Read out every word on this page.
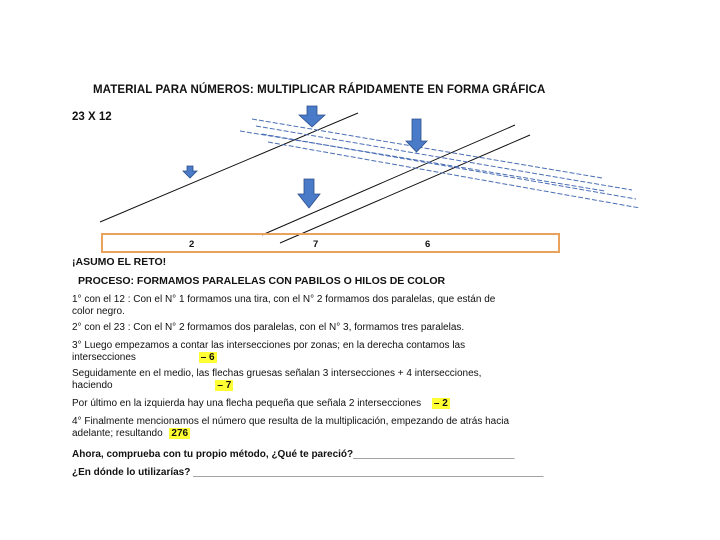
MATERIAL PARA NÚMEROS: MULTIPLICAR RÁPIDAMENTE EN FORMA GRÁFICA
23 X 12
2	7	6
¡ASUMO EL RETO!
PROCESO: FORMAMOS PARALELAS CON PABILOS O HILOS DE COLOR
1° con el 12 : Con el N° 1 formamos una tira, con el N° 2 formamos dos paralelas, que están de
color negro.
2° con el 23 : Con el N° 2 formamos dos paralelas, con el N° 3, formamos tres paralelas.
3° Luego empezamos a contar las intersecciones por zonas; en la derecha contamos las
intersecciones	– 6
Seguidamente en el medio, las flechas gruesas señalan 3 intersecciones + 4 intersecciones,
haciendo	– 7
Por último en la izquierda hay una flecha pequeña que señala 2 intersecciones – 2
4° Finalmente mencionamos el número que resulta de la multiplicación, empezando de atrás hacia
adelante; resultando 276
Ahora, comprueba con tu propio método, ¿Qué te pareció?_____________________________
¿En dónde lo utilizarías? _______________________________________________________________
